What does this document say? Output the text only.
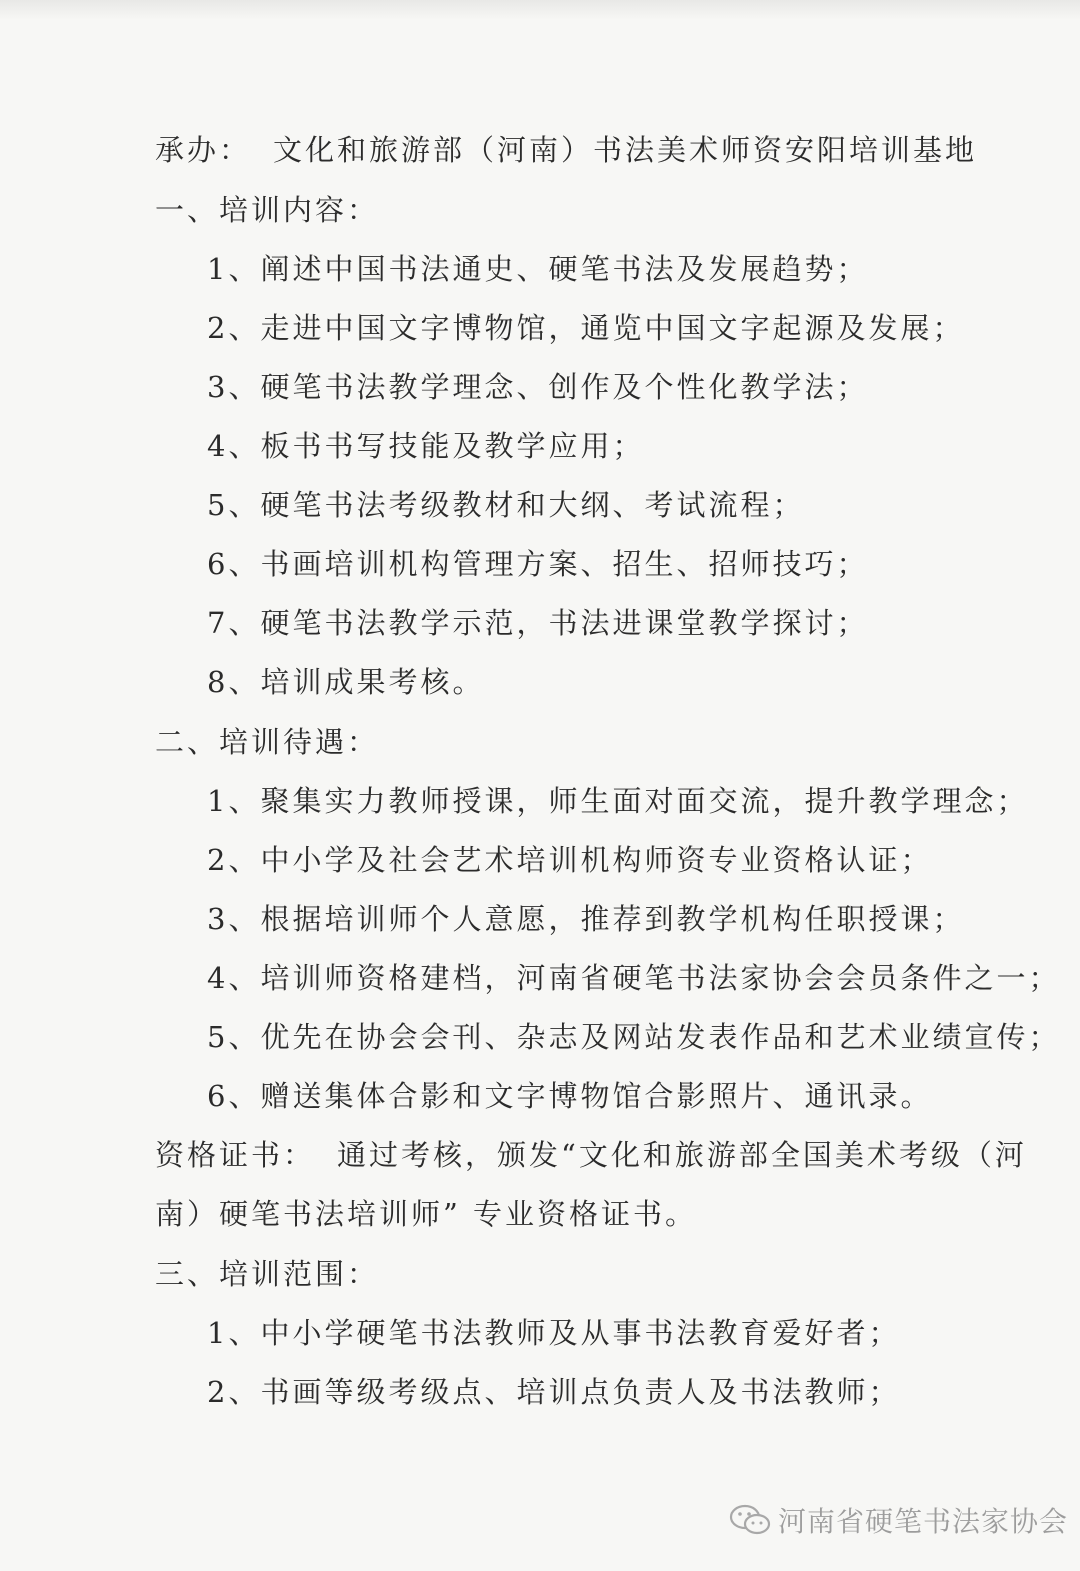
承办： 文化和旅游部（河南）书法美术师资安阳培训基地
一、培训内容：
1、阐述中国书法通史、硬笔书法及发展趋势；
2、走进中国文字博物馆，通览中国文字起源及发展；
3、硬笔书法教学理念、创作及个性化教学法；
4、板书书写技能及教学应用；
5、硬笔书法考级教材和大纲、考试流程；
6、书画培训机构管理方案、招生、招师技巧；
7、硬笔书法教学示范，书法进课堂教学探讨；
8、培训成果考核。
二、培训待遇：
1、聚集实力教师授课，师生面对面交流，提升教学理念；
2、中小学及社会艺术培训机构师资专业资格认证；
3、根据培训师个人意愿，推荐到教学机构任职授课；
4、培训师资格建档，河南省硬笔书法家协会会员条件之一；
5、优先在协会会刊、杂志及网站发表作品和艺术业绩宣传；
6、赠送集体合影和文字博物馆合影照片、通讯录。
资格证书： 通过考核，颁发“文化和旅游部全国美术考级（河
南）硬笔书法培训师” 专业资格证书。
三、培训范围：
1、中小学硬笔书法教师及从事书法教育爱好者；
2、书画等级考级点、培训点负责人及书法教师；
河南省硬笔书法家协会
